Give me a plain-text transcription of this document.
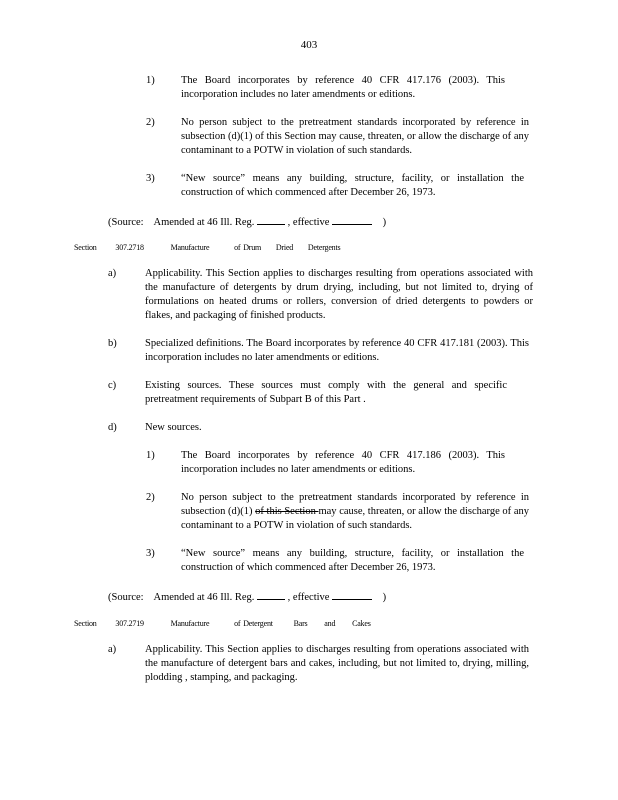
403
1)	The Board incorporates by reference 40 CFR 417.176 (2003). This incorporation includes no later amendments or editions.
2)	No person subject to the pretreatment standards incorporated by reference in subsection (d)(1) of this Section may cause, threaten, or allow the discharge of any contaminant to a POTW in violation of such standards.
3)	“New source” means any building, structure, facility, or installation the construction of which commenced after December 26, 1973.
(Source: Amended at 46 Ill. Reg.	, effective	)
Section 307.2718	Manufacture	of Drum Dried Detergents
a)	Applicability. This Section applies to discharges resulting from operations associated with the manufacture of detergents by drum drying, including, but not limited to, drying of formulations on heated drums or rollers, conversion of dried detergents to powders or flakes, and packaging of finished products.
b)	Specialized definitions. The Board incorporates by reference 40 CFR 417.181 (2003). This incorporation includes no later amendments or editions.
c)	Existing sources. These sources must comply with the general and specific pretreatment requirements of Subpart B of this Part .
d)	New sources.
1)	The Board incorporates by reference 40 CFR 417.186 (2003). This incorporation includes no later amendments or editions.
2)	No person subject to the pretreatment standards incorporated by reference in subsection (d)(1) of this Section may cause, threaten, or allow the discharge of any contaminant to a POTW in violation of such standards.
3)	“New source” means any building, structure, facility, or installation the construction of which commenced after December 26, 1973.
(Source: Amended at 46 Ill. Reg.	, effective	)
Section 307.2719	Manufacture	of Detergent	Bars and Cakes
a)	Applicability. This Section applies to discharges resulting from operations associated with the manufacture of detergent bars and cakes, including, but not limited to, drying, milling, plodding , stamping, and packaging.
